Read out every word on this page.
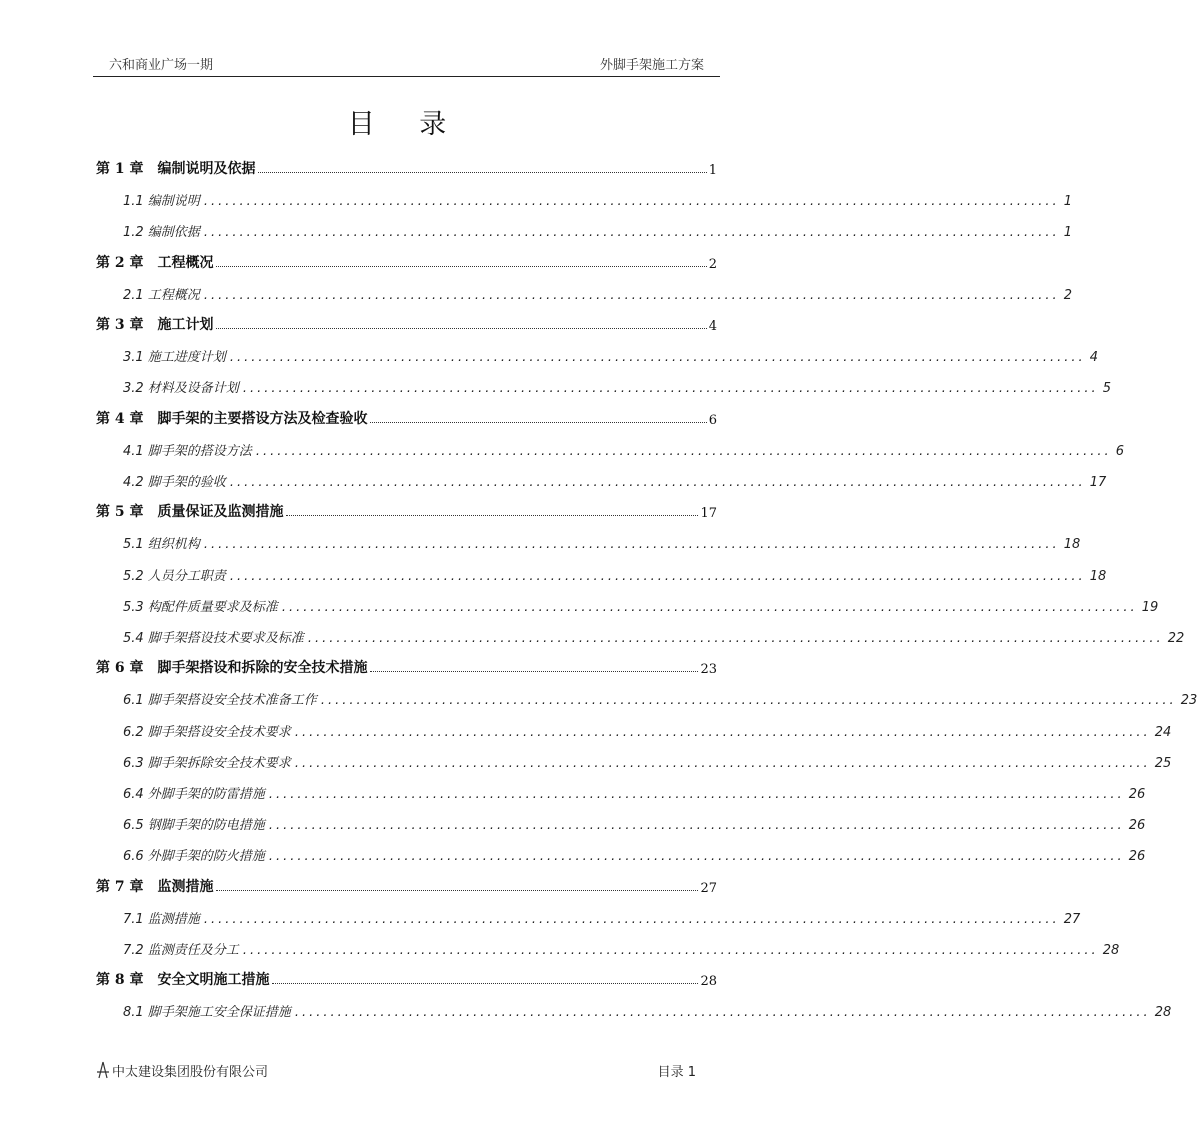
六和商业广场一期	外脚手架施工方案
目 录
第 1 章　编制说明及依据	1
1.1 编制说明 ........................................................................................................................ 1
1.2 编制依据 ........................................................................................................................ 1
第 2 章　工程概况	2
2.1 工程概况 ........................................................................................................................ 2
第 3 章　施工计划	4
3.1 施工进度计划 ........................................................................................................................ 4
3.2 材料及设备计划 ........................................................................................................................ 5
第 4 章　脚手架的主要搭设方法及检查验收	6
4.1 脚手架的搭设方法 ........................................................................................................................ 6
4.2 脚手架的验收 ........................................................................................................................ 17
第 5 章　质量保证及监测措施	17
5.1 组织机构 ........................................................................................................................ 18
5.2 人员分工职责 ........................................................................................................................ 18
5.3 构配件质量要求及标准 ........................................................................................................................ 19
5.4 脚手架搭设技术要求及标准 ........................................................................................................................ 22
第 6 章　脚手架搭设和拆除的安全技术措施	23
6.1 脚手架搭设安全技术准备工作 ........................................................................................................................ 23
6.2 脚手架搭设安全技术要求 ........................................................................................................................ 24
6.3 脚手架拆除安全技术要求 ........................................................................................................................ 25
6.4 外脚手架的防雷措施 ........................................................................................................................ 26
6.5 钢脚手架的防电措施 ........................................................................................................................ 26
6.6 外脚手架的防火措施 ........................................................................................................................ 26
第 7 章　监测措施	27
7.1 监测措施 ........................................................................................................................ 27
7.2 监测责任及分工 ........................................................................................................................ 28
第 8 章　安全文明施工措施	28
8.1 脚手架施工安全保证措施 ........................................................................................................................ 28
中太建设集团股份有限公司	目录 1
